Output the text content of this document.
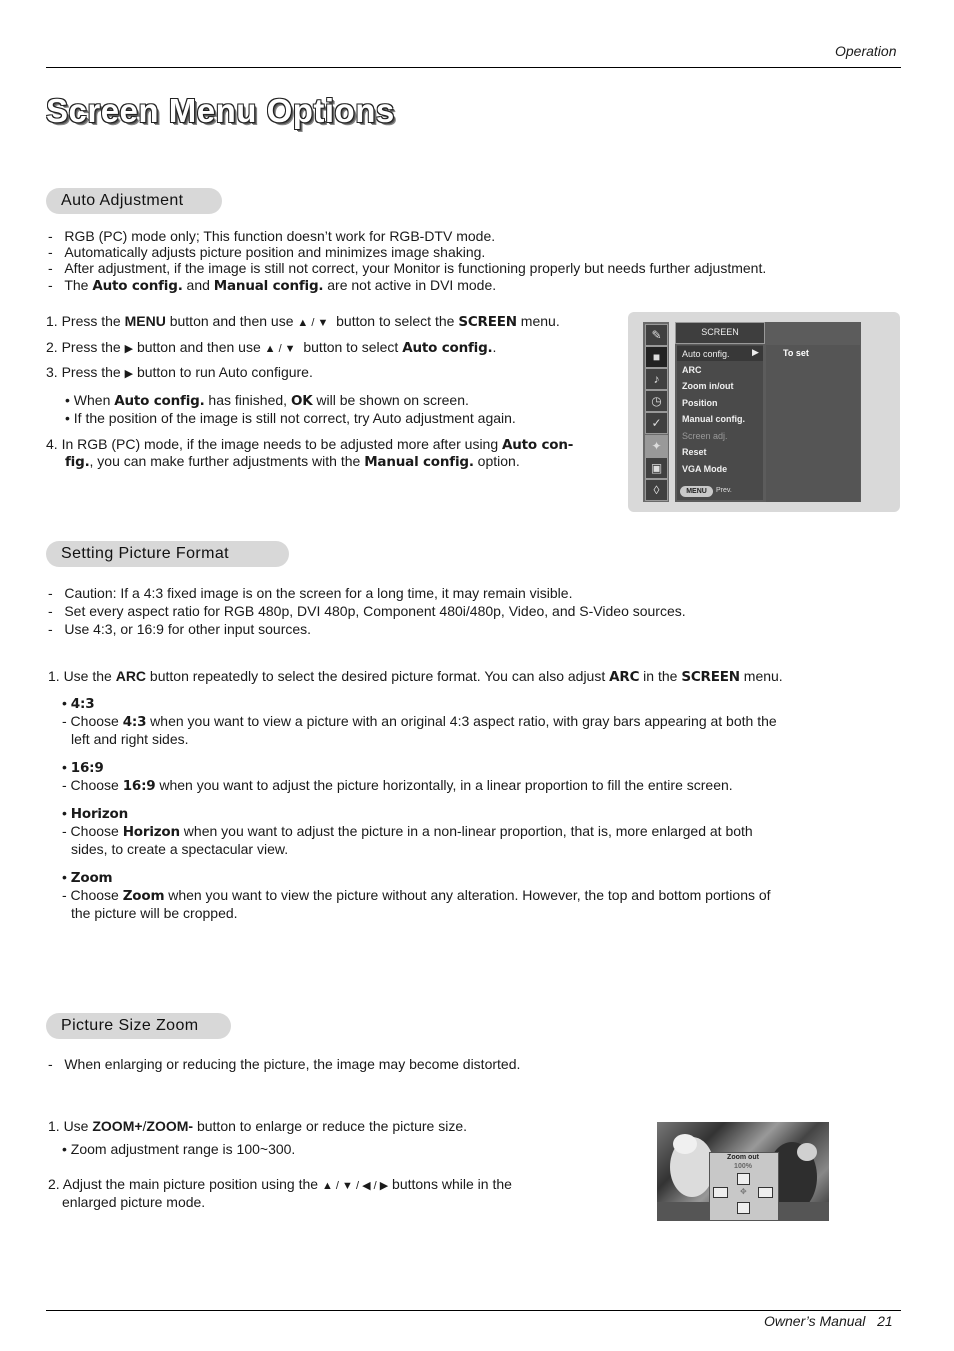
Operation
Screen Menu Options
Auto Adjustment
-   RGB (PC) mode only; This function doesn’t work for RGB-DTV mode.
-   Automatically adjusts picture position and minimizes image shaking.
-   After adjustment, if the image is still not correct, your Monitor is functioning properly but needs further adjustment.
-   The Auto config. and Manual config. are not active in DVI mode.
1. Press the MENU button and then use ▲ / ▼ button to select the SCREEN menu.
2. Press the ▶ button and then use ▲ / ▼ button to select Auto config..
3. Press the ▶ button to run Auto configure.
• When Auto config. has finished, OK will be shown on screen.
• If the position of the image is still not correct, try Auto adjustment again.
4. In RGB (PC) mode, if the image needs to be adjusted more after using Auto con-
fig., you can make further adjustments with the Manual config. option.
✎
■
♪
◷
✓
✦
▣
◊
SCREEN
Auto config. ▶
ARC
Zoom in/out
Position
Manual config.
Screen adj.
Reset
VGA Mode
To set
MENU	Prev.
Setting Picture Format
-   Caution: If a 4:3 fixed image is on the screen for a long time, it may remain visible.
-   Set every aspect ratio for RGB 480p, DVI 480p, Component 480i/480p, Video, and S-Video sources.
-   Use 4:3, or 16:9 for other input sources.
1. Use the ARC button repeatedly to select the desired picture format. You can also adjust ARC in the SCREEN menu.
• 4:3
- Choose 4:3 when you want to view a picture with an original 4:3 aspect ratio, with gray bars appearing at both the
left and right sides.
• 16:9
- Choose 16:9 when you want to adjust the picture horizontally, in a linear proportion to fill the entire screen.
• Horizon
- Choose Horizon when you want to adjust the picture in a non-linear proportion, that is, more enlarged at both
sides, to create a spectacular view.
• Zoom
- Choose Zoom when you want to view the picture without any alteration. However, the top and bottom portions of
the picture will be cropped.
Picture Size Zoom
-   When enlarging or reducing the picture, the image may become distorted.
1. Use ZOOM+/ZOOM- button to enlarge or reduce the picture size.
• Zoom adjustment range is 100~300.
2. Adjust the main picture position using the ▲ / ▼ / ◀ / ▶ buttons while in the
enlarged picture mode.
Zoom out
100%
✥
Owner’s Manual 21
